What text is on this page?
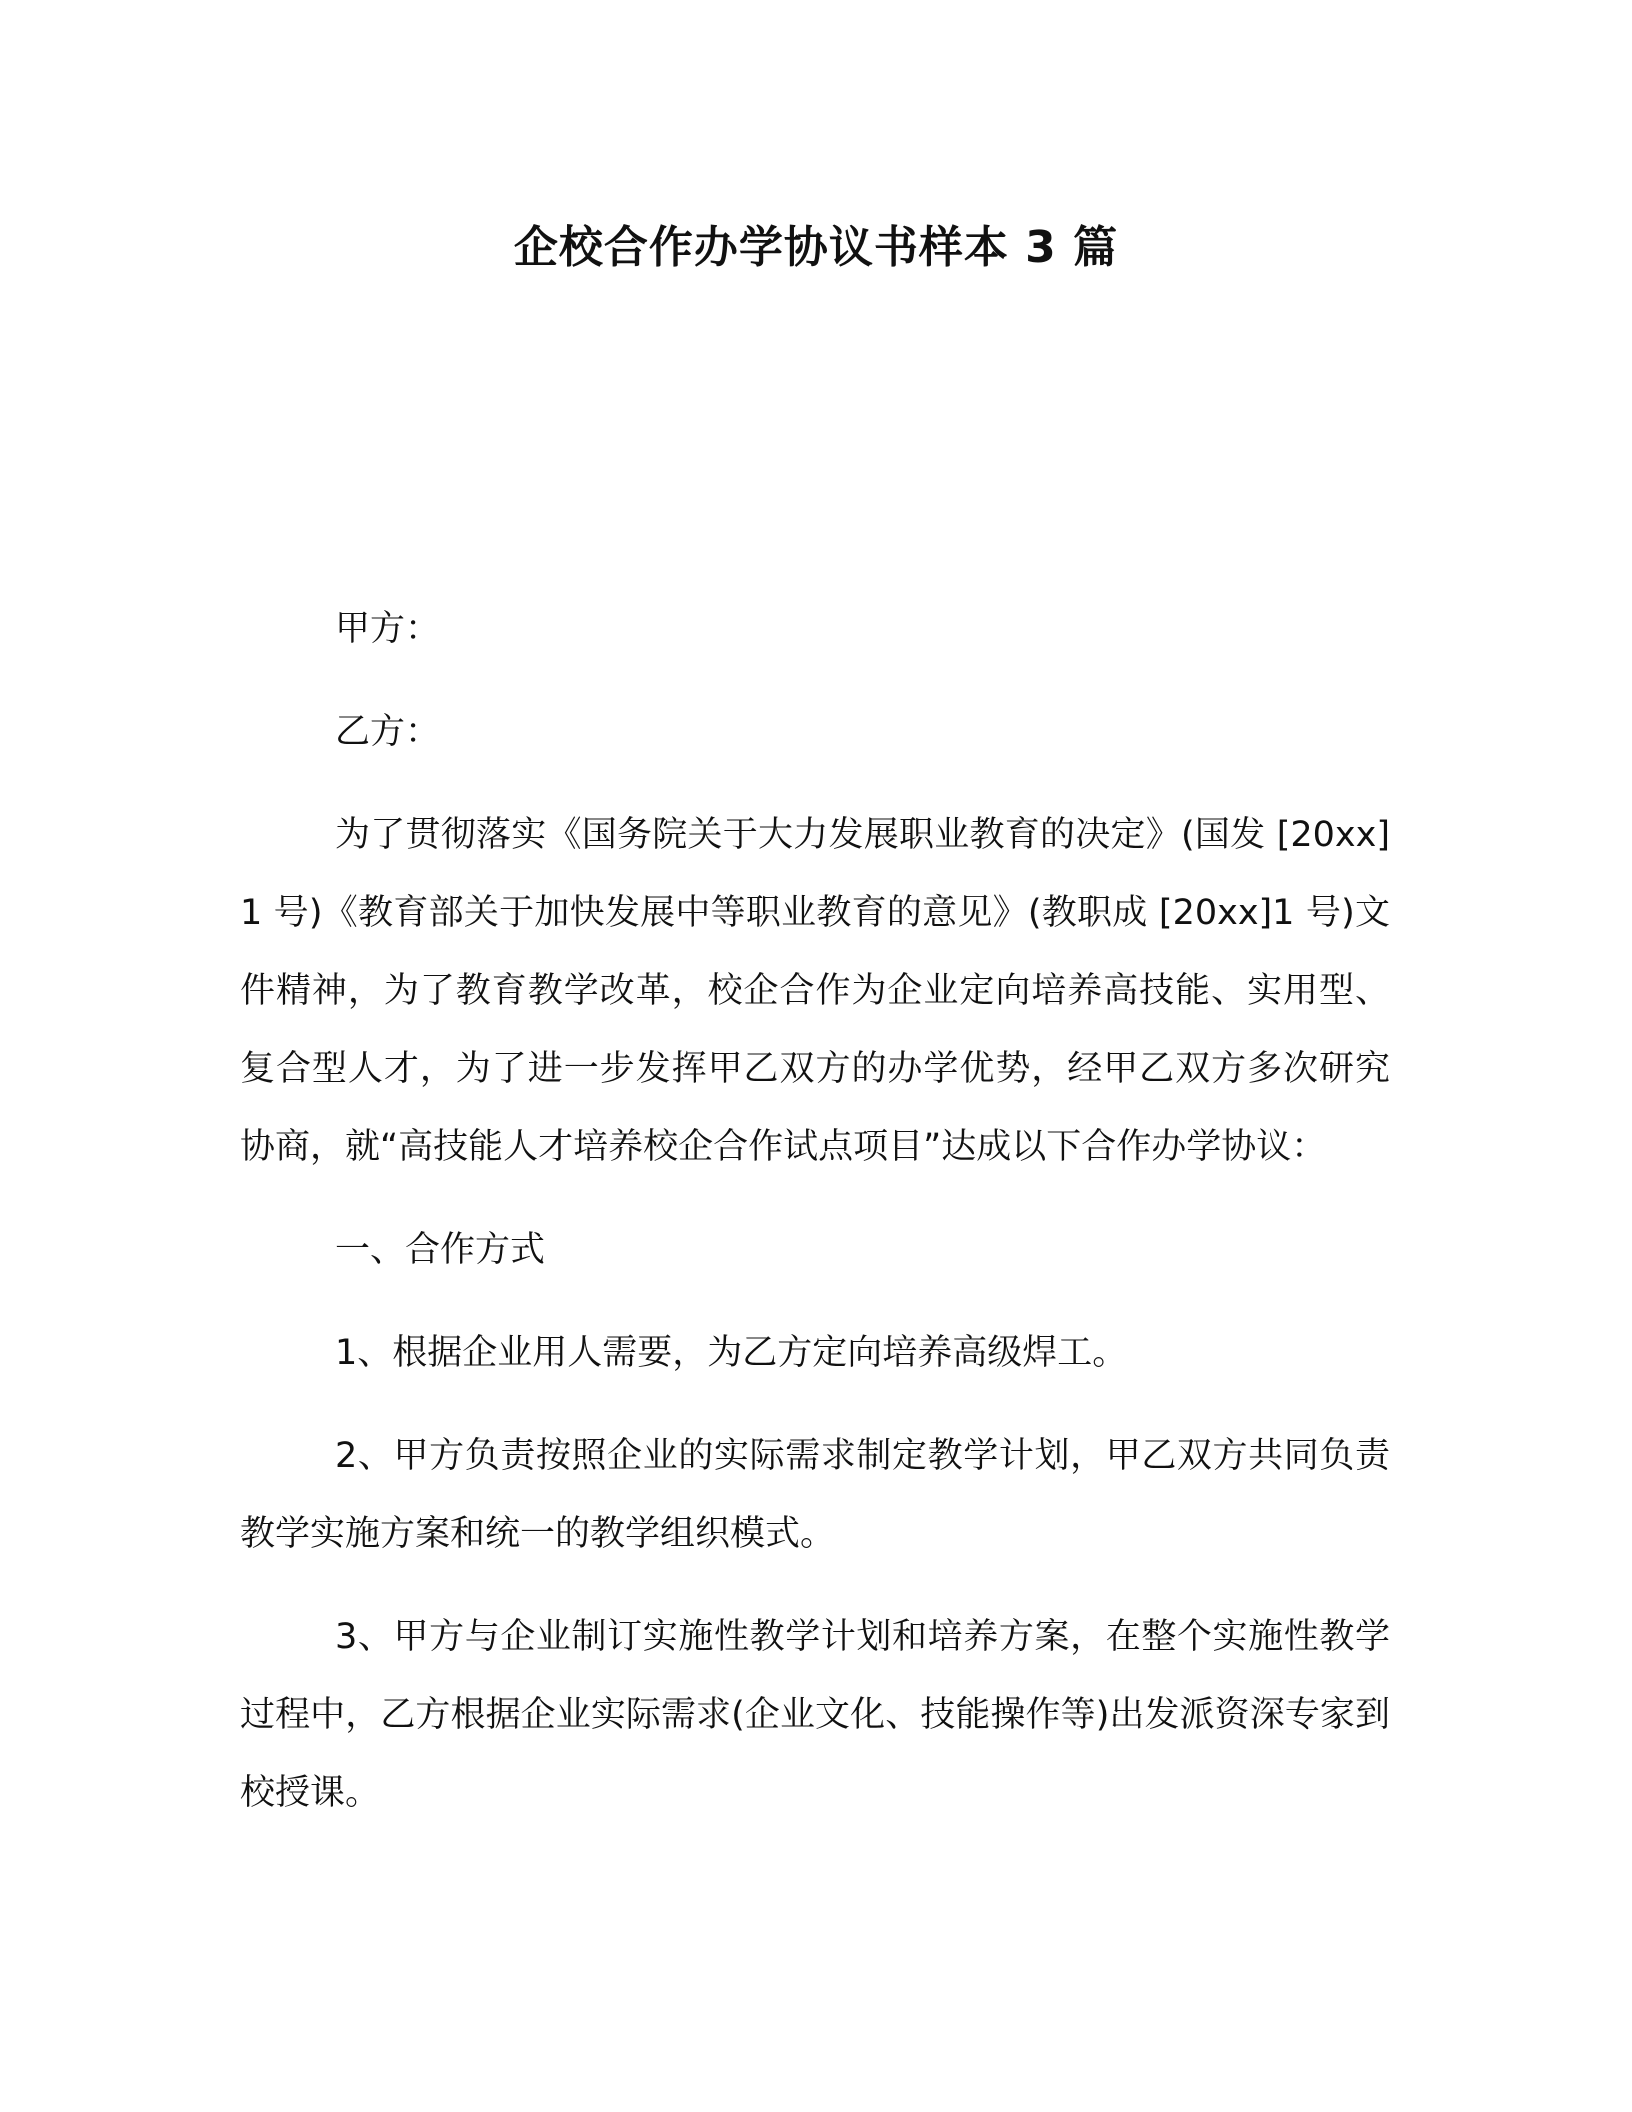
企校合作办学协议书样本 3 篇

甲方：

乙方：

为了贯彻落实《国务院关于大力发展职业教育的决定》(国发 [20xx] 1 号)《教育部关于加快发展中等职业教育的意见》(教职成 [20xx]1 号)文件精神，为了教育教学改革，校企合作为企业定向培养高技能、实用型、复合型人才，为了进一步发挥甲乙双方的办学优势，经甲乙双方多次研究协商，就“高技能人才培养校企合作试点项目”达成以下合作办学协议：

一、合作方式

1、根据企业用人需要，为乙方定向培养高级焊工。

2、甲方负责按照企业的实际需求制定教学计划，甲乙双方共同负责教学实施方案和统一的教学组织模式。

3、甲方与企业制订实施性教学计划和培养方案，在整个实施性教学过程中，乙方根据企业实际需求(企业文化、技能操作等)出发派资深专家到校授课。
